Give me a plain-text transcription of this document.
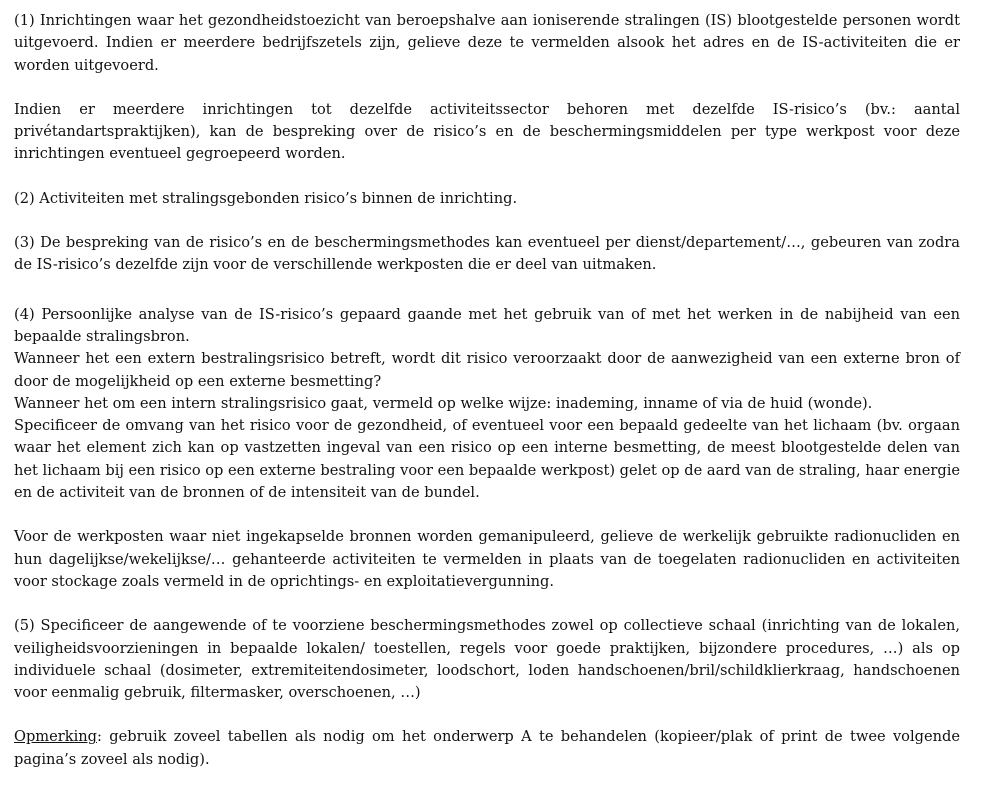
(1) Inrichtingen waar het gezondheidstoezicht van beroepshalve aan ioniserende stralingen (IS) blootgestelde personen wordt uitgevoerd. Indien er meerdere bedrijfszetels zijn, gelieve deze te vermelden alsook het adres en de IS-activiteiten die er worden uitgevoerd.

Indien er meerdere inrichtingen tot dezelfde activiteitssector behoren met dezelfde IS-risico’s (bv.: aantal privétandartspraktijken), kan de bespreking over de risico’s en de beschermingsmiddelen per type werkpost voor deze inrichtingen eventueel gegroepeerd worden.

(2) Activiteiten met stralingsgebonden risico’s binnen de inrichting.

(3) De bespreking van de risico’s en de beschermingsmethodes kan eventueel per dienst/departement/…, gebeuren van zodra de IS-risico’s dezelfde zijn voor de verschillende werkposten die er deel van uitmaken.

(4) Persoonlijke analyse van de IS-risico’s gepaard gaande met het gebruik van of met het werken in de nabijheid van een bepaalde stralingsbron.

Wanneer het een extern bestralingsrisico betreft, wordt dit risico veroorzaakt door de aanwezigheid van een externe bron of door de mogelijkheid op een externe besmetting?

Wanneer het om een intern stralingsrisico gaat, vermeld op welke wijze: inademing, inname of via de huid (wonde).

Specificeer de omvang van het risico voor de gezondheid, of eventueel voor een bepaald gedeelte van het lichaam (bv. orgaan waar het element zich kan op vastzetten ingeval van een risico op een interne besmetting, de meest blootgestelde delen van het lichaam bij een risico op een externe bestraling voor een bepaalde werkpost) gelet op de aard van de straling, haar energie en de activiteit van de bronnen of de intensiteit van de bundel.

Voor de werkposten waar niet ingekapselde bronnen worden gemanipuleerd, gelieve de werkelijk gebruikte radionucliden en hun dagelijkse/wekelijkse/… gehanteerde activiteiten te vermelden in plaats van de toegelaten radionucliden en activiteiten voor stockage zoals vermeld in de oprichtings- en exploitatievergunning.

(5) Specificeer de aangewende of te voorziene beschermingsmethodes zowel op collectieve schaal (inrichting van de lokalen, veiligheidsvoorzieningen in bepaalde lokalen/ toestellen, regels voor goede praktijken, bijzondere procedures, …) als op individuele schaal (dosimeter, extremiteitendosimeter, loodschort, loden handschoenen/bril/schildklierkraag, handschoenen voor eenmalig gebruik, filtermasker, overschoenen, …)

Opmerking: gebruik zoveel tabellen als nodig om het onderwerp A te behandelen (kopieer/plak of print de twee volgende pagina’s zoveel als nodig).
